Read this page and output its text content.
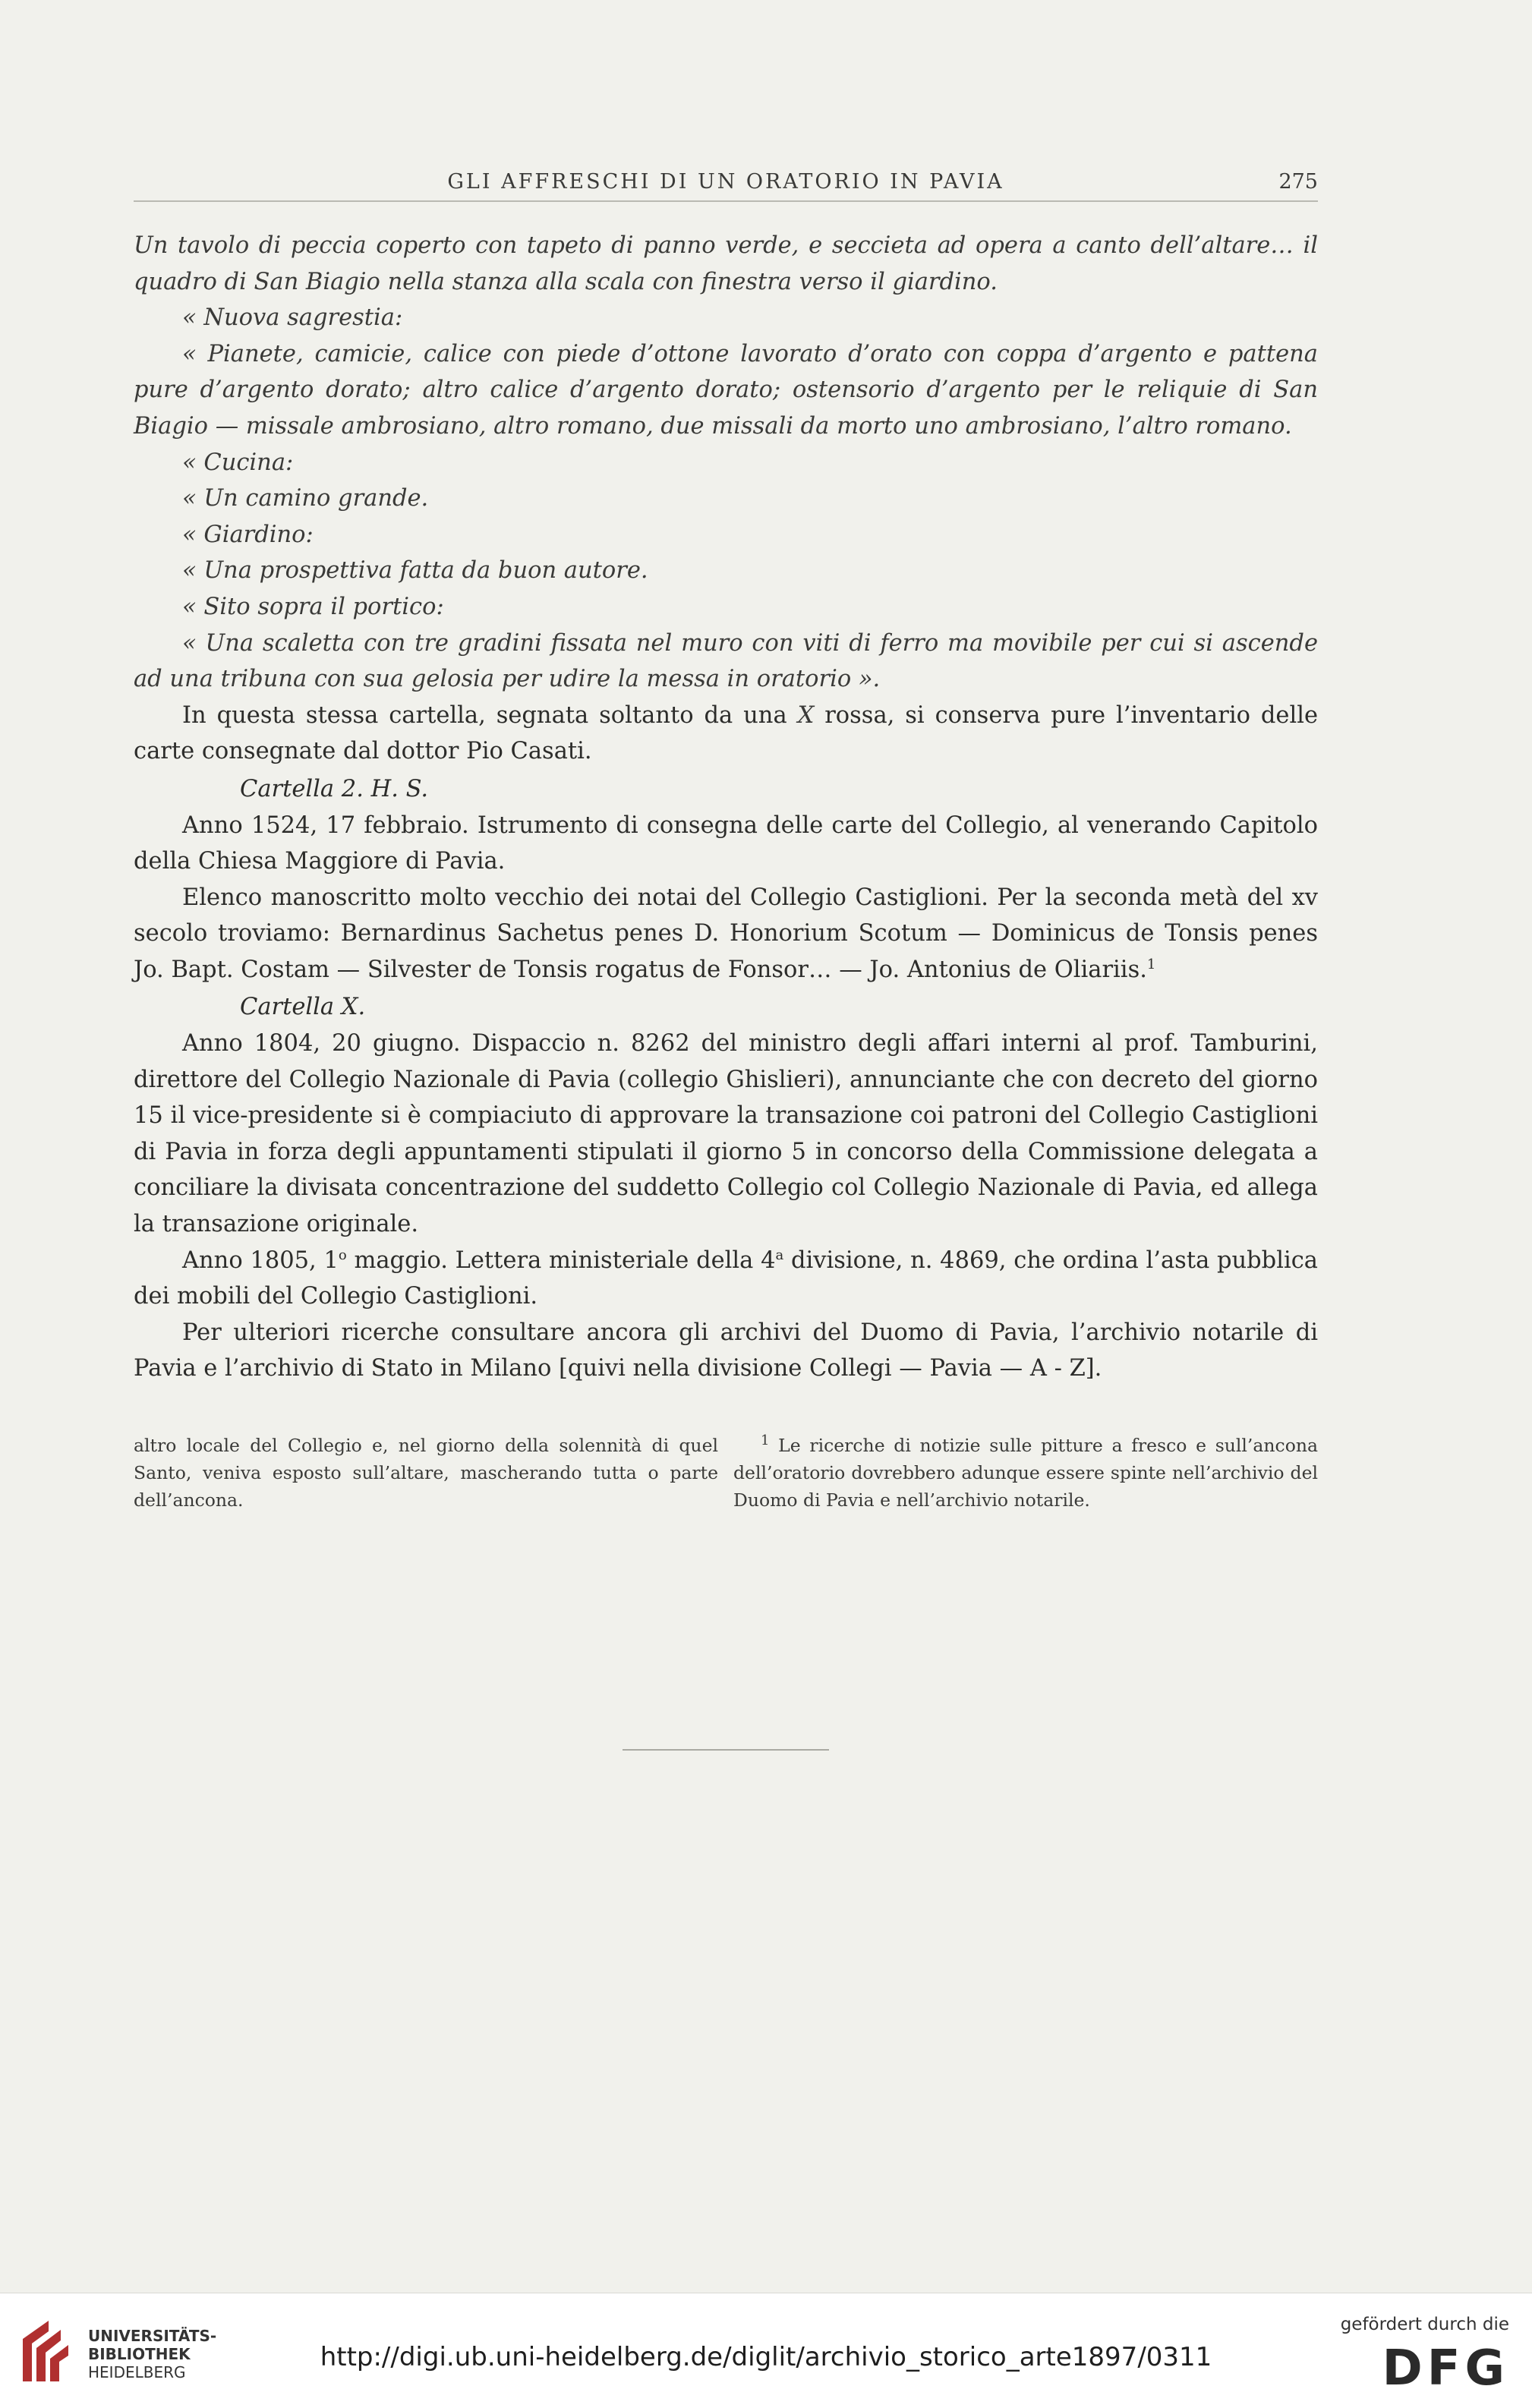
GLI AFFRESCHI DI UN ORATORIO IN PAVIA	275

Un tavolo di peccia coperto con tapeto di panno verde, e seccieta ad opera a canto dell’altare… il quadro di San Biagio nella stanza alla scala con finestra verso il giardino.

« Nuova sagrestia:

« Pianete, camicie, calice con piede d’ottone lavorato d’orato con coppa d’argento e pattena pure d’argento dorato; altro calice d’argento dorato; ostensorio d’argento per le reliquie di San Biagio — missale ambrosiano, altro romano, due missali da morto uno ambrosiano, l’altro romano.

« Cucina:

« Un camino grande.

« Giardino:

« Una prospettiva fatta da buon autore.

« Sito sopra il portico:

« Una scaletta con tre gradini fissata nel muro con viti di ferro ma movibile per cui si ascende ad una tribuna con sua gelosia per udire la messa in oratorio ».

In questa stessa cartella, segnata soltanto da una X rossa, si conserva pure l’inventario delle carte consegnate dal dottor Pio Casati.

Cartella 2. H. S.

Anno 1524, 17 febbraio. Istrumento di consegna delle carte del Collegio, al venerando Capitolo della Chiesa Maggiore di Pavia.

Elenco manoscritto molto vecchio dei notai del Collegio Castiglioni. Per la seconda metà del xv secolo troviamo: Bernardinus Sachetus penes D. Honorium Scotum — Dominicus de Tonsis penes Jo. Bapt. Costam — Silvester de Tonsis rogatus de Fonsor… — Jo. Antonius de Oliariis.$^1$

Cartella X.

Anno 1804, 20 giugno. Dispaccio n. 8262 del ministro degli affari interni al prof. Tamburini, direttore del Collegio Nazionale di Pavia (collegio Ghislieri), annunciante che con decreto del giorno 15 il vice-presidente si è compiaciuto di approvare la transazione coi patroni del Collegio Castiglioni di Pavia in forza degli appuntamenti stipulati il giorno 5 in concorso della Commissione delegata a conciliare la divisata concentrazione del suddetto Collegio col Collegio Nazionale di Pavia, ed allega la transazione originale.

Anno 1805, 1$^o$ maggio. Lettera ministeriale della 4$^a$ divisione, n. 4869, che ordina l’asta pubblica dei mobili del Collegio Castiglioni.

Per ulteriori ricerche consultare ancora gli archivi del Duomo di Pavia, l’archivio notarile di Pavia e l’archivio di Stato in Milano [quivi nella divisione Collegi — Pavia — A - Z].

altro locale del Collegio e, nel giorno della solennità di quel Santo, veniva esposto sull’altare, mascherando tutta o parte dell’ancona.

$^1$ Le ricerche di notizie sulle pitture a fresco e sull’ancona dell’oratorio dovrebbero adunque essere spinte nell’archivio del Duomo di Pavia e nell’archivio notarile.

UNIVERSITÄTS-
BIBLIOTHEK
HEIDELBERG	http://digi.ub.uni-heidelberg.de/diglit/archivio_storico_arte1897/0311
gefördert durch die
DFG
